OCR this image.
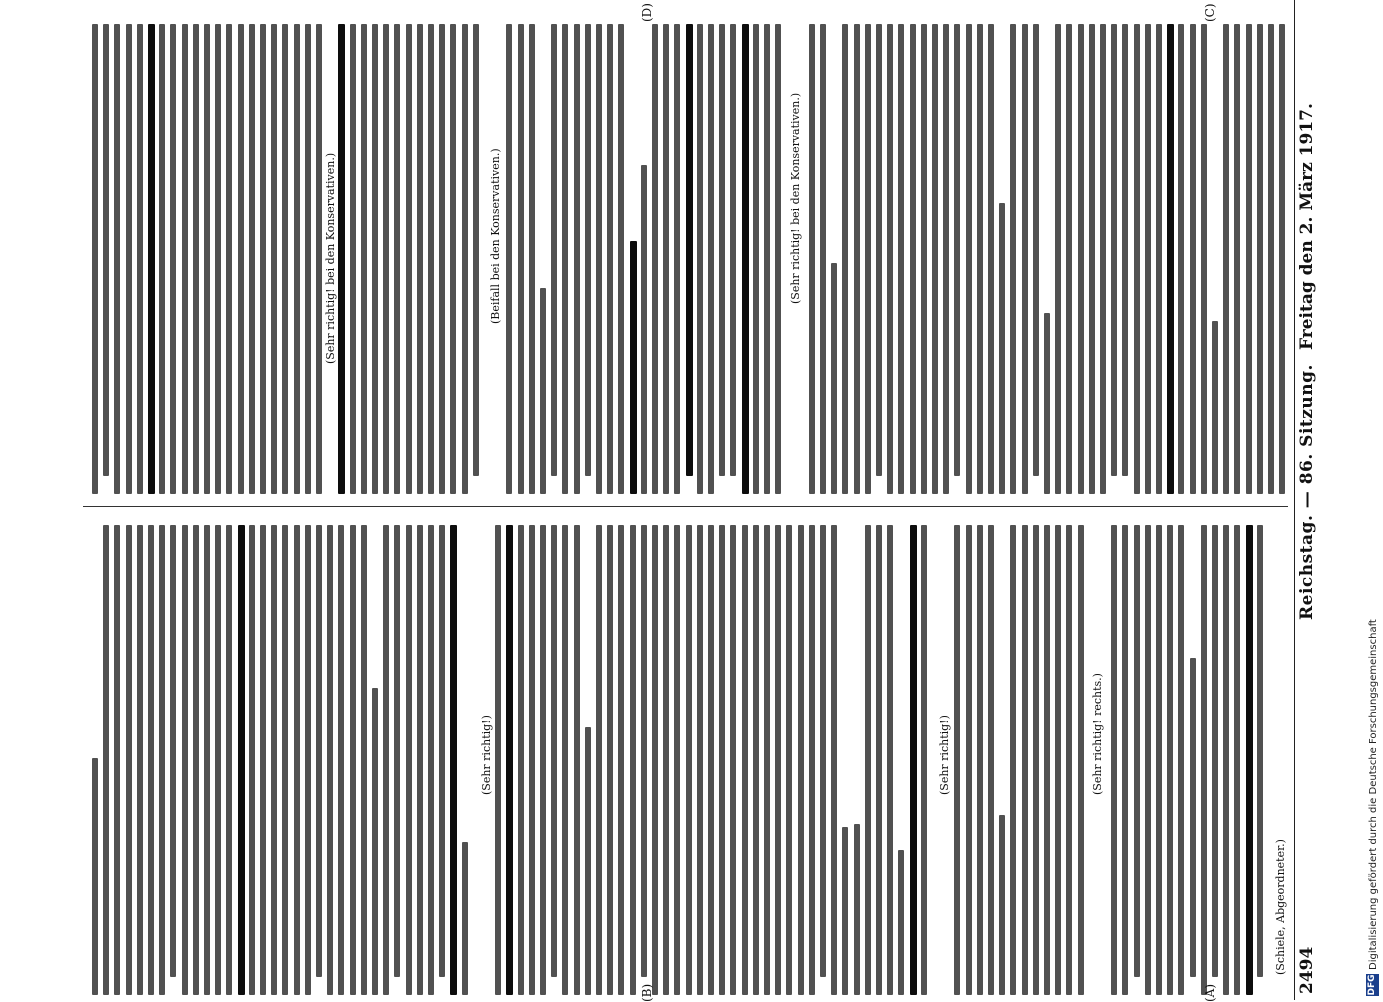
2494
Reichstag. — 86. Sitzung.
Freitag den 2. März 1917.
(Schiele, Abgeordneter.)
(Sehr richtig! rechts.)
(Sehr richtig!)
(Sehr richtig!)
(Sehr richtig! bei den Konservativen.)
(Beifall bei den Konservativen.)
(Sehr richtig! bei den Konservativen.)
(A)
(B)
(C)
(D)
DFG
Digitalisierung gefördert durch die Deutsche Forschungsgemeinschaft
